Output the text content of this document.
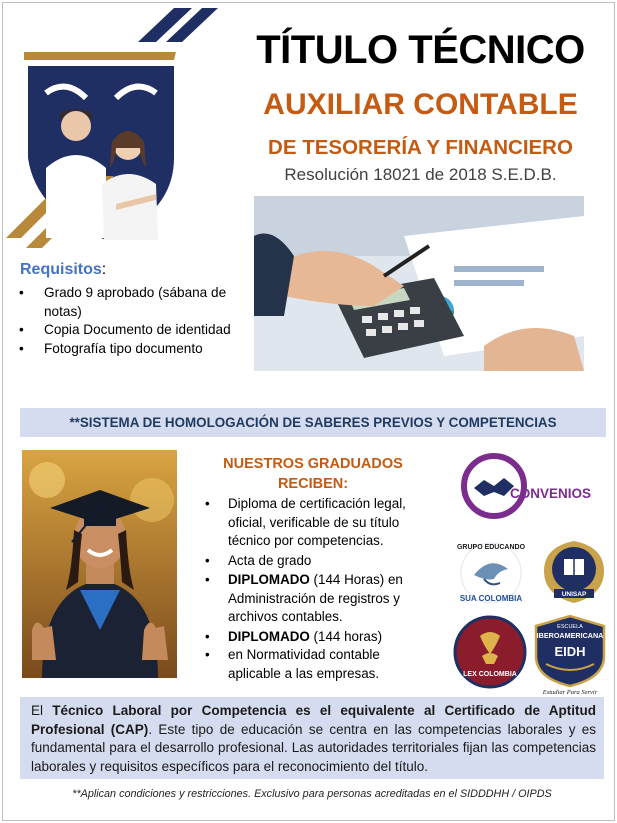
TÍTULO TÉCNICO
AUXILIAR CONTABLE
DE TESORERÍA Y FINANCIERO
Resolución 18021 de 2018 S.E.D.B.
Requisitos:
• Grado 9 aprobado (sábana de notas)
• Copia Documento de identidad
• Fotografía tipo documento
**SISTEMA DE HOMOLOGACIÓN DE SABERES PREVIOS Y COMPETENCIAS
NUESTROS GRADUADOS
RECIBEN:
• Diploma de certificación legal, oficial, verificable de su título técnico por competencias.
• Acta de grado
• DIPLOMADO (144 Horas) en Administración de registros y archivos contables.
• DIPLOMADO (144 horas)
• en Normatividad contable aplicable a las empresas.
CONVENIOS
GRUPO EDUCANDO
SUA COLOMBIA	UNISAP
LEX COLOMBIA
ESCUELA
IBEROAMERICANA
EIDH
Estudiar Para Servir
El Técnico Laboral por Competencia es el equivalente al Certificado de Aptitud Profesional (CAP). Este tipo de educación se centra en las competencias laborales y es fundamental para el desarrollo profesional. Las autoridades territoriales fijan las competencias laborales y requisitos específicos para el reconocimiento del título.
**Aplican condiciones y restricciones. Exclusivo para personas acreditadas en el SIDDDHH / OIPDS
